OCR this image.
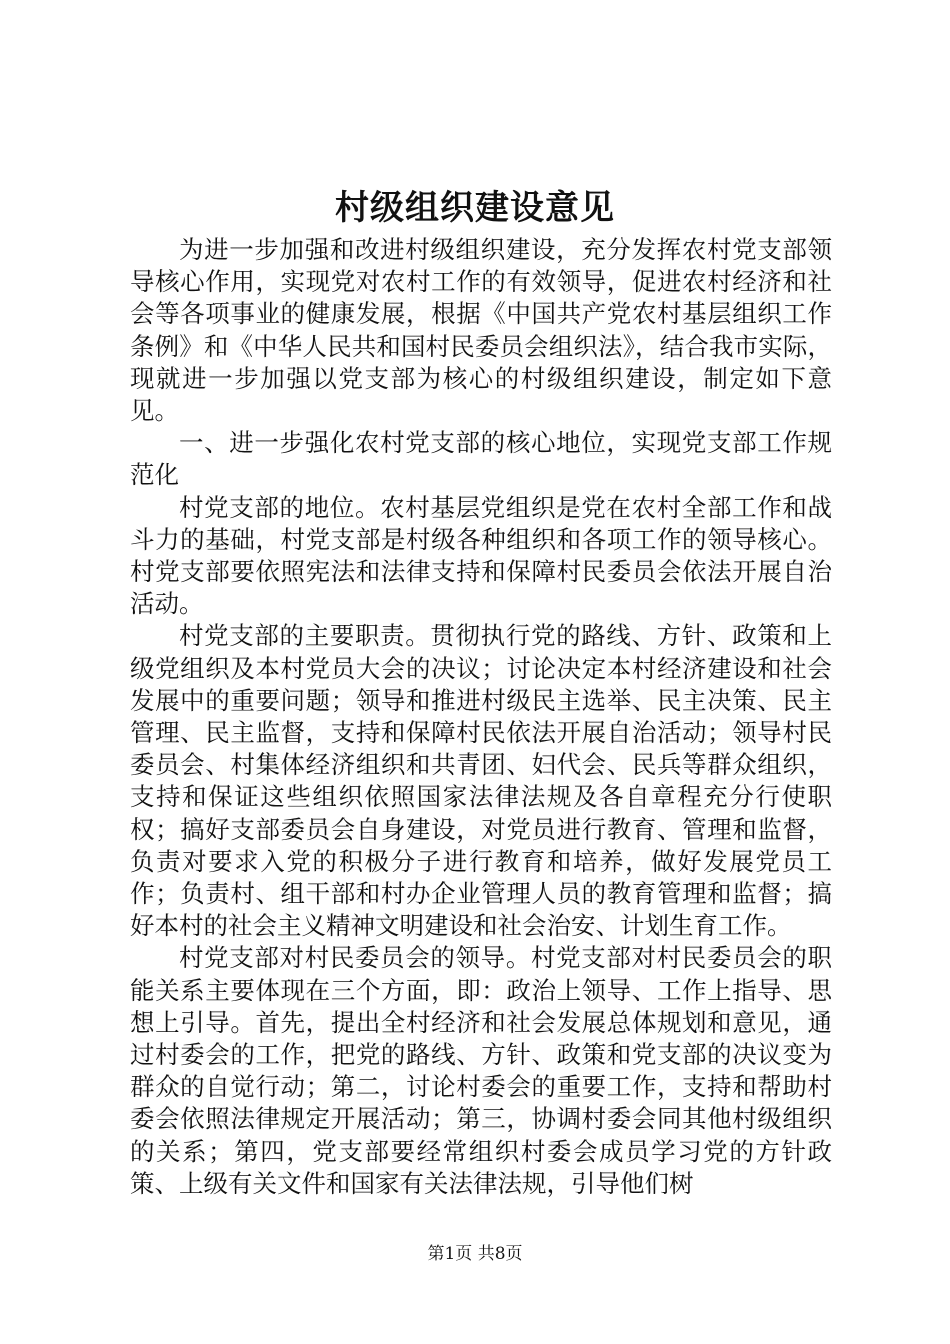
村级组织建设意见

为进一步加强和改进村级组织建设，充分发挥农村党支部领导核心作用，实现党对农村工作的有效领导，促进农村经济和社会等各项事业的健康发展，根据《中国共产党农村基层组织工作条例》和《中华人民共和国村民委员会组织法》，结合我市实际，现就进一步加强以党支部为核心的村级组织建设，制定如下意见。

一、进一步强化农村党支部的核心地位，实现党支部工作规范化

村党支部的地位。农村基层党组织是党在农村全部工作和战斗力的基础，村党支部是村级各种组织和各项工作的领导核心。村党支部要依照宪法和法律支持和保障村民委员会依法开展自治活动。

村党支部的主要职责。贯彻执行党的路线、方针、政策和上级党组织及本村党员大会的决议；讨论决定本村经济建设和社会发展中的重要问题；领导和推进村级民主选举、民主决策、民主管理、民主监督，支持和保障村民依法开展自治活动；领导村民委员会、村集体经济组织和共青团、妇代会、民兵等群众组织，支持和保证这些组织依照国家法律法规及各自章程充分行使职权；搞好支部委员会自身建设，对党员进行教育、管理和监督，负责对要求入党的积极分子进行教育和培养，做好发展党员工作；负责村、组干部和村办企业管理人员的教育管理和监督；搞好本村的社会主义精神文明建设和社会治安、计划生育工作。

村党支部对村民委员会的领导。村党支部对村民委员会的职能关系主要体现在三个方面，即：政治上领导、工作上指导、思想上引导。首先，提出全村经济和社会发展总体规划和意见，通过村委会的工作，把党的路线、方针、政策和党支部的决议变为群众的自觉行动；第二，讨论村委会的重要工作，支持和帮助村委会依照法律规定开展活动；第三，协调村委会同其他村级组织的关系；第四，党支部要经常组织村委会成员学习党的方针政策、上级有关文件和国家有关法律法规，引导他们树

第1页 共8页
